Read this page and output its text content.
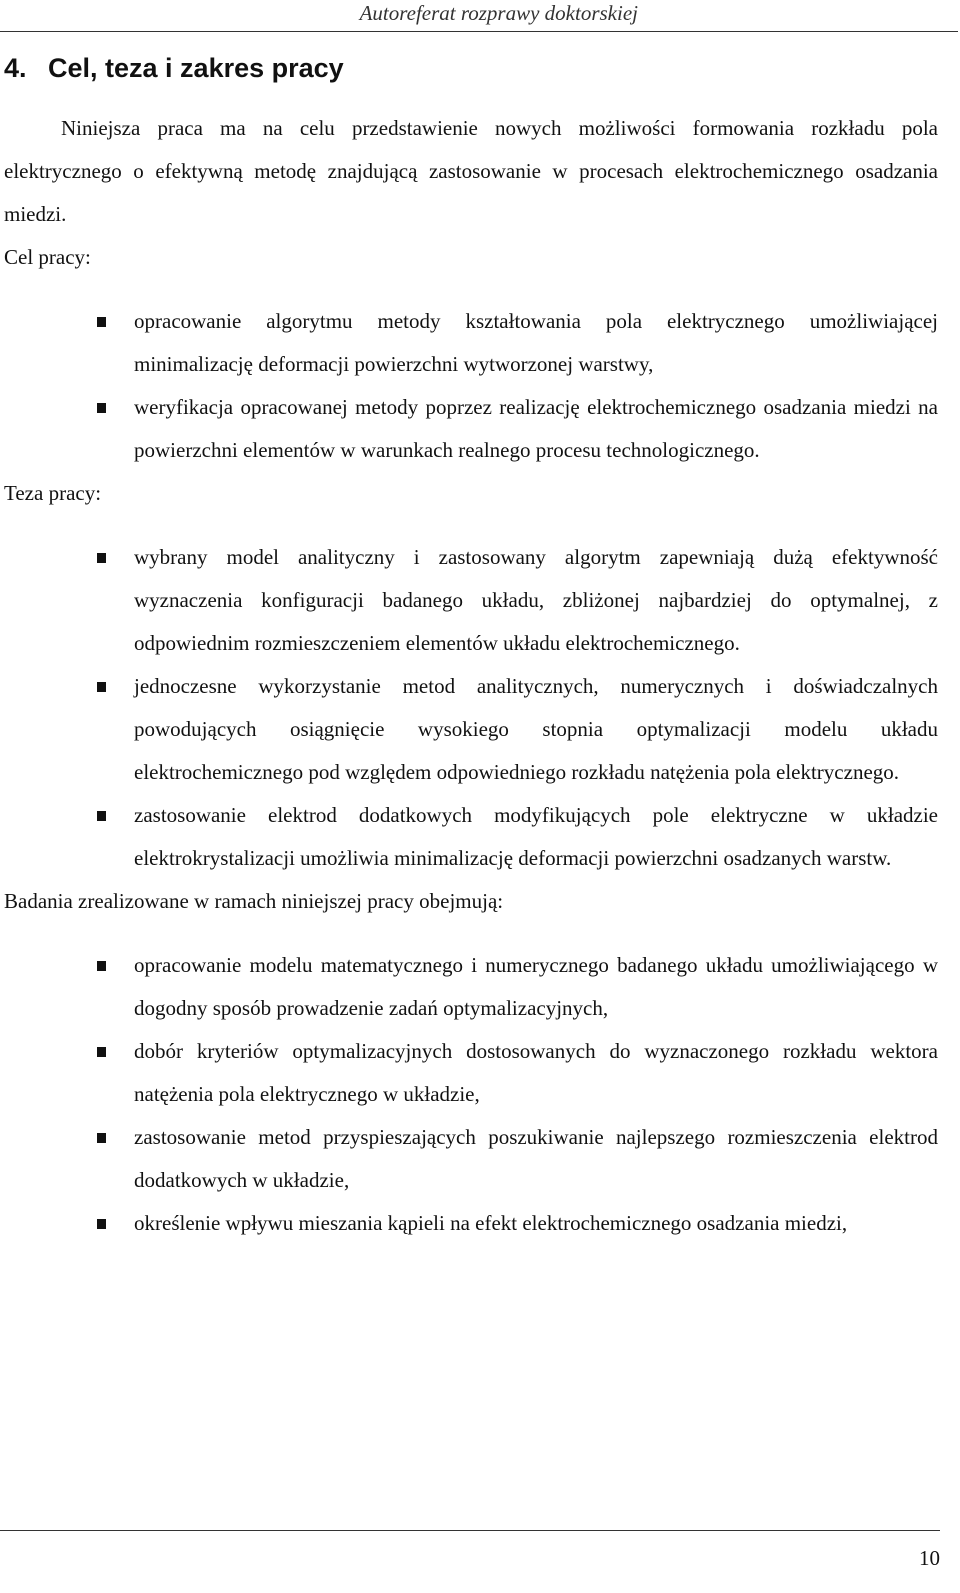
Autoreferat rozprawy doktorskiej
4. Cel, teza i zakres pracy

Niniejsza praca ma na celu przedstawienie nowych możliwości formowania rozkładu pola elektrycznego o efektywną metodę znajdującą zastosowanie w procesach elektrochemicznego osadzania miedzi.

Cel pracy:

opracowanie algorytmu metody kształtowania pola elektrycznego umożliwiającej minimalizację deformacji powierzchni wytworzonej warstwy,
weryfikacja opracowanej metody poprzez realizację elektrochemicznego osadzania miedzi na powierzchni elementów w warunkach realnego procesu technologicznego.

Teza pracy:

wybrany model analityczny i zastosowany algorytm zapewniają dużą efektywność wyznaczenia konfiguracji badanego układu, zbliżonej najbardziej do optymalnej, z odpowiednim rozmieszczeniem elementów układu elektrochemicznego.
jednoczesne wykorzystanie metod analitycznych, numerycznych i doświadczalnych powodujących osiągnięcie wysokiego stopnia optymalizacji modelu układu elektrochemicznego pod względem odpowiedniego rozkładu natężenia pola elektrycznego.
zastosowanie elektrod dodatkowych modyfikujących pole elektryczne w układzie elektrokrystalizacji umożliwia minimalizację deformacji powierzchni osadzanych warstw.

Badania zrealizowane w ramach niniejszej pracy obejmują:

opracowanie modelu matematycznego i numerycznego badanego układu umożliwiającego w dogodny sposób prowadzenie zadań optymalizacyjnych,
dobór kryteriów optymalizacyjnych dostosowanych do wyznaczonego rozkładu wektora natężenia pola elektrycznego w układzie,
zastosowanie metod przyspieszających poszukiwanie najlepszego rozmieszczenia elektrod dodatkowych w układzie,
określenie wpływu mieszania kąpieli na efekt elektrochemicznego osadzania miedzi,
10
